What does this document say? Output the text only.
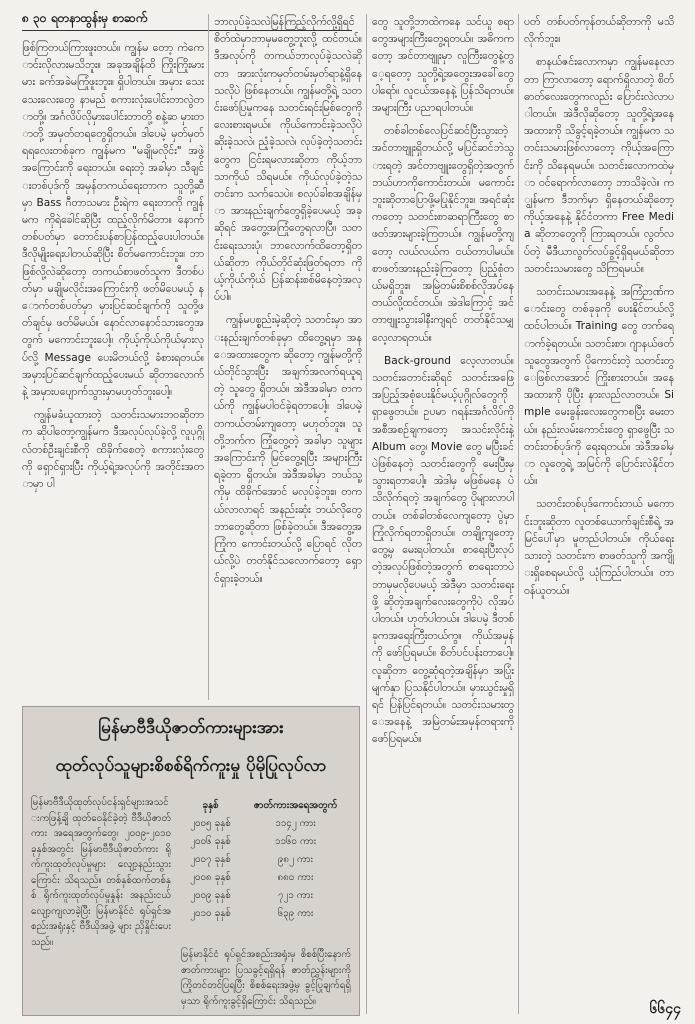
၈ ၃၀ ရတနာထွန်းမှ စာဆက်

ဖြစ်ကြတယ်ကြားဖူးတယ်။ ကျွန်မ တော့ ကဲကောင်းလိုလားမသိဘူး။ အခုအချိန်ထိ ကြိုးကြိုးမားမား ခက်အခဲမကြုံဖူးဘူး။ ရှိပါတယ်။ အမှား သေးသေးလေးတွေ နာမည် စကားလုံးပေါင်းတာလွဲတာတို့။ အင်္ဂလိပ်လိုမှားပေါင်းတာတို့ စနဲ့ဆ မှားတာတို့ အမှတ်တရတွေရှိတယ်။ ဒါပေမဲ့ မှတ်မှတ်ရရလေးတစ်ခုက ကျွန်မက "မချိုမလိုင်း" အဖွဲ့အကြောင်းကို ရေးတယ်။ ရေးတဲ့ အခါမှာ သီချင်းတစ်ပုဒ်ကို အမှန်တကယ်ရေးတာက သူတို့ဆီမှာ Bass ဂီတာသမား ဦးရဲက ရေးတာကို ကျွန်မက ကိုရဲခေါင်ဆိုပြီး ထည့်လိုက်မိတာ။ နောက်တစ်ပတ်မှာ တောင်းပန်စာပြန်ထည့်ပေးပါတယ်။ ဒီလိုမျိုးရေးပါတယ်ဆိုပြီး စိတ်မကောင်းဘူး။ ဘာဖြစ်လို့လဲဆိုတော့ တကယ်စာဖတ်သူက ဒီတစ်ပတ်မှာ မချိုမလိုင်းအကြောင်းကို ဖတ်မိပေမယ့် နောက်တစ်ပတ်မှာ မှားပြင်ဆင်ချက်ကို သူတို့ဖတ်ချင်မှ ဖတ်မိမယ်။ နောင်လာနောင်သားတွေအတွက် မကောင်းဘူးပေါ့။ ကိုယ့်ကိုယ်ကိုယ်မှားလုပ်လို့ Message ပေးမိတယ်လို့ ခံစားရတယ်။ အမှားပြင်ဆင်ချက်ထည့်ပေးမယ် ဆိုတာလောက်နဲ့ အမှားပပျောက်သွားမှာမဟုတ်ဘူးပေါ့။

ကျွန်မခံယူထားတဲ့ သတင်းသမားဘဝဆိုတာက ဆိုပါတော့ကျွန်မက ဒီအလုပ်လုပ်ခဲ့လို့ လူပုဂ္ဂိုလ်တစ်ဦးချင်းစီကို ထိခိုက်စေတဲ့ စကားလုံးတွေကို ရှောင်ရှားပြီး ကိုယ့်ရဲ့အလုပ်ကို အတိုင်းအတာမှာ ပါ

ဘာလုပ်ခဲ့သလဲမြန်ကြည့်လိုက်လို့ရှိရင် စိတ်ထဲမှာဘာမှမတွေ့ဘူးလို့ ထင်တယ်။ ဒီအလုပ်ကို တကယ်ဘာလုပ်ခဲ့သလဲဆိုတာ အားလုံးကမှတ်တမ်းမှတ်ရာနဲ့ရှိနေသလိုပဲ ဖြစ်နေတယ်။ ကျွန်မတို့ရဲ့ သတင်းဖော်ပြမှုကနေ သတင်းရင်းမြစ်တွေကို လေးစားရမယ်။ ကိုယ်ကောင်းခဲ့သလိုပဲ ဆိုးခဲ့သလဲ၊ ညံ့ခဲ့သလဲ၊ လုပ်ခဲ့တဲ့သတင်းတွေက ငြင်းရမလားဆိုတာ ကိုယ့်ဘာသာကိုယ် သိရမယ်။ ကိုယ်လုပ်ခဲ့တဲ့သတင်းက သက်သေပဲ။ စလုပ်ခါစအချိန်မှာ အားနည်းချက်တွေရှိခဲ့ပေမယ့် အခုဆိုရင် အတွေ့အကြုံတွေရလာပြီ။ သတင်းရေးသားပုံ၊ ဘာလောက်ထိတော့ရှိတယ်ဆိုတာ ကိုယ်တိုင်ဆုံးဖြတ်ရတာ ကိုယ့်ကိုယ်ကိုယ် ပြန်ဆန်းစစ်မိနေတဲ့အလုပ်ပါ။

ကျွန်မပစ္စည်းမဲ့ဆိုတဲ့ သတင်းမှာ အားနည်းချက်တစ်ခုမှာ ထိတွေ့ရမှာ အနေအထားတွေက ဆိုတော့ ကျွန်မတို့ကိုယ်တိုင်သွားပြီး အချက်အလက်ရယူရတဲ့ သူတွေ ရှိတယ်။ အဲဒီအခါမှာ တကယ်ကို ကျွန်မပါဝင်ခဲ့ရတာပေါ့။ ဒါပေမဲ့ တကယ်တမ်းကျတော့ မဟုတ်ဘူး။ သူတို့ဘက်က ကြုံတွေ့တဲ့ အခါမှာ သူများအကြောင်းကို မြင်တွေ့ရပြီး အများကြီးရခဲ့တာ ရှိတယ်။ အဲဒီအခါမှာ ဘယ်သူ့ကိုမှ ထိခိုက်အောင် မလုပ်ခဲ့ဘူး။ တကယ်လာလာရင် အနည်းဆုံး ဘယ်လိုတွေ ဘာတွေဆိုတာ ဖြစ်ခဲ့တယ်။ ဒီအတွေ့အကြုံက ကောင်းတယ်လို့ ပြောရင် လိုတယ်လို့ပဲ တတ်နိုင်သလောက်တော့ ရှောင်ရှားခဲ့တယ်။

တွေ သူတို့ဘာထဲကနေ သင်ယူ စရာတွေအများကြီးတွေ့ရတယ်။ အဓိကကတော့ အင်တာဗျူးမှာ လူကြီးတွေနဲ့တွေ့ရတော့ သူတို့ရဲ့အတွေးအခေါ်တွေပါရော်။ လူငယ်အနေနဲ့ ပြန်သိရတယ်။ အများကြီး ပညာရပါတယ်။

တစ်ခါတစ်လေပြင်ဆင်ပြီးသွားတဲ့ အင်တာဗျူးရှိတယ်လို့ မပြင်ဆင်ဘဲသွားရတဲ့ အင်တာဗျူးတွေရှိတဲ့အတွက် ဘယ်ဟာကိုကောင်းတယ်။ မကောင်းဘူးဆိုတာပြောဖို့မပြုနိုင်ဘူး။ အရင်ဆုံးကတော့ သတင်းစာဆရာကြီးတွေ စာဖတ်အားများခဲ့ကြတယ်။ ကျွန်မတို့ကျတော့ လယ်လယ်က ငယ်တာပါမယ်။ စာဖတ်အားနည်းခဲ့ကြတော့ ပြည့်စုံတယ်မရှိဘူး။ အမြဲတမ်းစိစစ်လိုအပ်နေတယ်လို့ထင်တယ်။ အဲဒါကြောင့် အင်တာဗျူးသွားခါနီးကျရင် တတ်နိုင်သမျှ လေ့လာရတယ်။

Back-ground လေ့လာတယ်။ သတင်းတောင်းဆိုရင် သတင်းအဖြေအပြည့်အစုံပေးနိုင်မယ့်ပုဂ္ဂိုလ်တွေကို ရှာဖွေတယ်။ ဥပမာ ဂရန်းအင်္ဂလိပ်ကိုအစီအစဉ်ချကတော့ အသင်းလိုင်းနဲ့ Album တွေ၊ Movie တွေ မပြီးခင်ပဲဖြစ်နေတဲ့ သတင်းတွေကို မေးပြီးမှ သွားရတာပေါ့။ အဲဒါမှ မဖြစ်မနေ ပဲ သိလိုက်ရတဲ့ အချက်တွေ ပိုများလာပါတယ်။ တစ်ခါတစ်လေကျတော့ ပွဲမှာကြုံလိုက်ရတာရှိတယ်။ တချို့ကျတော့ တွေ့မှ မေးရပါတယ်။ စာရေးပြီးလုပ်တဲ့အလုပ်ဖြစ်တဲ့အတွက် စာရေးတာပဲ ဘာမှမလိုပေမယ့် အဲဒီမှာ သတင်းရေးဖို့ ဆိုတဲ့အချက်လေးတွေကိုပဲ လိုအပ်ပါတယ်။ ဟုတ်ပါတယ်။ ဒါပေမဲ့ ဒီတစ်ခုကအရေးကြီးတယ်ကွ။ ကိုယ်အမှန်ကို ဖော်ပြရမယ်။ စိတ်ပင်ပန်းတာပေါ့။ လူဆိုတာ တွေ့ဆုံရတဲ့အချိန်မှာ အပြုံးမျက်နှာ ပြသနိုင်ပါတယ်။ မှားယွင်းမှုရှိရင် ပြန်ပြင်ရတယ်။ သတင်းသမားတွေအနေနဲ့ အမြဲတမ်းအမှန်တရားကို ဖော်ပြရမယ်။

ပတ် တစ်ပတ်ကုန်တယ်ဆိုတာကို မသိလိုက်ဘူး။

စာနယ်ဇင်းလောကမှာ ကျွန်မနေလာတာ ကြာလာတော့ ရောက်ရှိလာတဲ့ စိတ်ဓာတ်လေးတွေကလည်း ပြောင်းလဲလာပါတယ်။ အဲဒီလိုဆိုတော့ သူတို့ရဲ့အနေအထားကို သိခွင့်ရခဲ့တယ်။ ကျွန်မက သတင်းသမားဖြစ်လာတော့ ကိုယ့်အကြောင်းကို သိနေရမယ်။ သတင်းလောကထဲမှာ ဝင်ရောက်လာတော့ ဘာသိခဲ့လဲ။ ကျွန်မက ဒီဘက်မှာ ရှိနေတယ်ဆိုတော့ ကိုယ့်အနေနဲ့ နိုင်ငံတကာ Free Media ဆိုတာတွေကို ကြားရတယ်။ လွတ်လပ်တဲ့ မီဒီယာလွတ်လပ်ခွင့်ရှိရမယ်ဆိုတာ သတင်းသမားတွေ သိကြရမယ်။

သတင်းသမားအနေနဲ့ အကြံဉာဏ်ကောင်းတွေ တစ်ခုခုကို ပေးနိုင်တယ်လို့ ထင်ပါတယ်။ Training တွေ တက်ရောက်ခဲ့ရတယ်။ သတင်းစာ၊ ဂျာနယ်ဖတ်သူတွေအတွက် ပိုကောင်းတဲ့ သတင်းတွေဖြစ်လာအောင် ကြိုးစားတယ်။ အနေအထားကို ပိုပြီး နားလည်လာတယ်။ Simple မေးခွန်းလေးတွေကစပြီး မေးတယ်။ နည်းလမ်းကောင်းတွေ ရှာဖွေပြီး သတင်းတစ်ပုဒ်ကို ရေးရတယ်။ အဲဒီအခါမှာ လူတွေရဲ့ အမြင်ကို ပြောင်းလဲနိုင်တယ်။

သတင်းတစ်ပုဒ်ကောင်းတယ် မကောင်းဘူးဆိုတာ လူတစ်ယောက်ချင်းစီရဲ့ အမြင်ပေါ်မှာ မူတည်ပါတယ်။ ကိုယ်ရေးသားတဲ့ သတင်းက စာဖတ်သူကို အကျိုးရှိစေရမယ်လို့ ယုံကြည်ပါတယ်။ တာဝန်ယူတယ်။

မြန်မာဗီဒီယိုဇာတ်ကားများအား
ထုတ်လုပ်သူများစိစစ်ရိက်ကူးမှု ပိုမိုပြုလုပ်လာ
မြန်မာဗီဒီယိုထုတ်လုပ်ငန်းရှင်များအသင်းကဖြန့်ချိ ထုတ်ဝေနိုင်ခဲ့တဲ့ ဗီဒီယိုဇာတ်ကား အရေအတွက်တွေ၊ ၂၀၀၉-၂၀၁၀ ခုနှစ်အတွင်း မြန်မာဗီဒီယိုဇာတ်ကား ရိုက်ကူးထုတ်လုပ်မှုများ လျော့နည်းသွားကြောင်း သိရသည်။ တစ်နှစ်ထက်တစ်နှစ် ရိုက်ကူးထုတ်လုပ်မှုနှုန်း အနည်းငယ်လျော့ကျလာခဲ့ပြီး မြန်မာနိုင်ငံ ရုပ်ရှင်အစည်းအရုံးနှင့် ဗီဒီယိုအဖွဲ့ များ ညှိနှိုင်းပေးသည်။
ခုနှစ်	ဇာတ်ကားအရေအတွက်
၂၀၀၅ ခုနှစ်	၁၁၄၂ ကား
၂၀၀၆ ခုနှစ်	၁၁၆၀ ကား
၂၀၀၇ ခုနှစ်	၉၈၂ ကား
၂၀၀၈ ခုနှစ်	၈၈၀ ကား
၂၀၀၉ ခုနှစ်	၇၂၁ ကား
၂၀၁၀ ခုနှစ်	၆၃၉ ကား
မြန်မာနိုင်ငံ ရုပ်ရှင်အစည်းအရုံးမှ စိစစ်ပြီးနောက် ဇာတ်ကားများ ပြသခွင့်ရရှိရန် ဇာတ်ညွှန်းများကို ကြိုတင်တင်ပြရပြီး စိစစ်ရေးအဖွဲ့မှ ခွင့်ပြုချက်ရရှိမှသာ ရိုက်ကူးခွင့်ရှိကြောင်း သိရသည်။	၆၆၄၄
